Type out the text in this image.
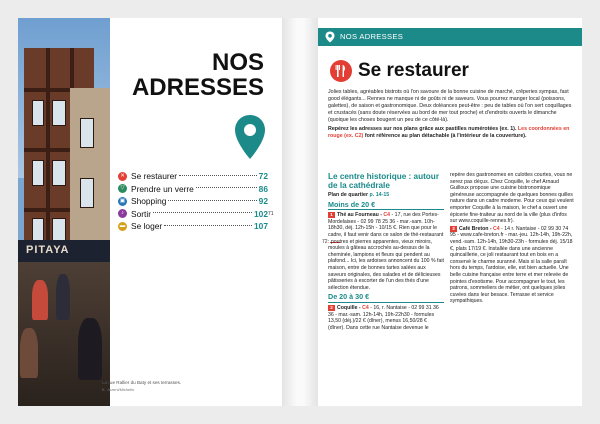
PITAYA
La rue Rallier du Baty et ses terrasses.
K. Juzeni/Michelin
NOS
ADRESSES
✕ Se restaurer	72
▽ Prendre un verre	86
▣ Shopping	92
♪ Sortir	102
▬ Se loger	107
71
NOS ADRESSES
Se restaurer

Jolies tables, agréables bistrots où l'on savoure de la bonne cuisine de marché, crêperies sympas, fast good élégants... Rennes ne manque ni de goûts ni de saveurs. Vous pourrez manger local (poissons, galettes), de saison et gastronomique. Deux doléances peut-être : peu de tables où l'on sert coquillages et crustacés (sans doute réservées au bord de mer tout proche) et d'endroits ouverts le dimanche (quoique les choses bougent un peu de ce côté-là).

Repérez les adresses sur nos plans grâce aux pastilles numérotées (ex. 1). Les coordonnées en rouge (ex. C2) font référence au plan détachable (à l'intérieur de la couverture).

72
Le centre historique : autour de la cathédrale
Plan de quartier p. 14-15
Moins de 20 €
1 Thé au Fourneau - C4 - 17, rue des Portes-Mordelaises - 02 99 78 25 36 - mar.-sam. 10h-18h30, déj. 12h-15h - 10/15 €. Rien que pour le cadre, il faut venir dans ce salon de thé-restaurant : poutres et pierres apparentes, vieux miroirs, moules à gâteau accrochés au-dessus de la cheminée, lampions et fleurs qui pendent au plafond... Ici, les ardoises annoncent du 100 % fait maison, entre de bonnes tartes salées aux saveurs originales, des salades et de délicieuses pâtisseries à escorter de l'un des thés d'une sélection étendue.
De 20 à 30 €
2 Coquille - C4 - 16, r. Nantaise - 02 99 31 36 36 - mar.-sam. 12h-14h, 19h-22h30 - formules 13,50 (déj.)/22 € (dîner), menus 16,50/28 € (dîner). Dans cette rue Nantaise devenue le
repère des gastronomes en culottes courtes, vous ne serez pas déçus. Chez Coquille, le chef Arnaud Guilloux propose une cuisine bistronomique généreuse accompagnée de quelques bonnes quilles nature dans un cadre moderne. Pour ceux qui veulent emporter Coquille à la maison, le chef a ouvert une épicerie fine-traiteur au nord de la ville (plus d'infos sur www.coquille-rennes.fr).
3 Café Breton - C4 - 14 r. Nantaise - 02 99 30 74 95 - www.cafe-breton.fr - mar.-jeu. 12h-14h, 19h-22h, vend.-sam. 12h-14h, 19h30-23h - formules déj. 15/18 €, plats 17/19 €. Installée dans une ancienne quincaillerie, ce joli restaurant tout en bois en a conservé le charme suranné. Mais si la salle paraît hors du temps, l'ardoise, elle, est bien actuelle. Une belle cuisine française entre terre et mer relevée de pointes d'exotisme. Pour accompagner le tout, les patrons, sommeliers de métier, ont quelques jolies cuvées dans leur besace. Terrasse et service sympathiques.
